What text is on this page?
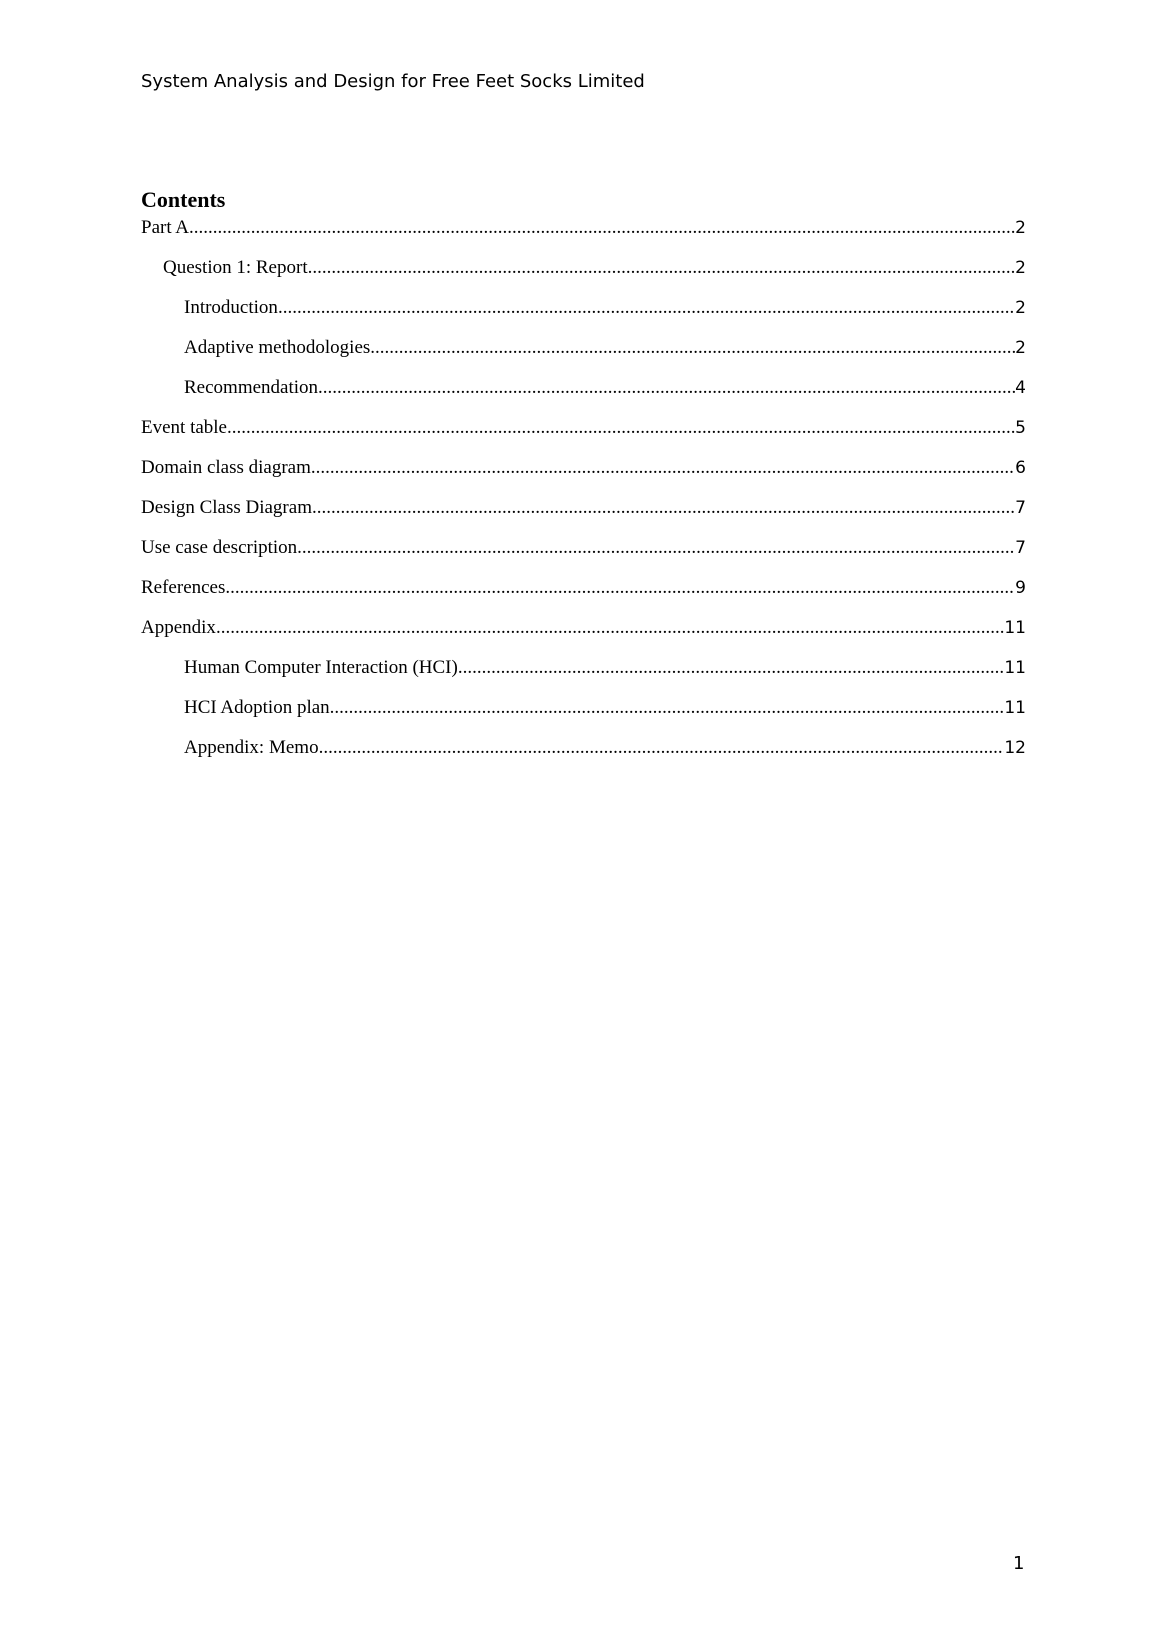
System Analysis and Design for Free Feet Socks Limited
Contents
Part A .....	2
Question 1: Report .....	2
Introduction .....	2
Adaptive methodologies .....	2
Recommendation .....	4
Event table .....	5
Domain class diagram .....	6
Design Class Diagram .....	7
Use case description .....	7
References .....	9
Appendix .....	11
Human Computer Interaction (HCI) .....	11
HCI Adoption plan .....	11
Appendix: Memo .....	12
1
